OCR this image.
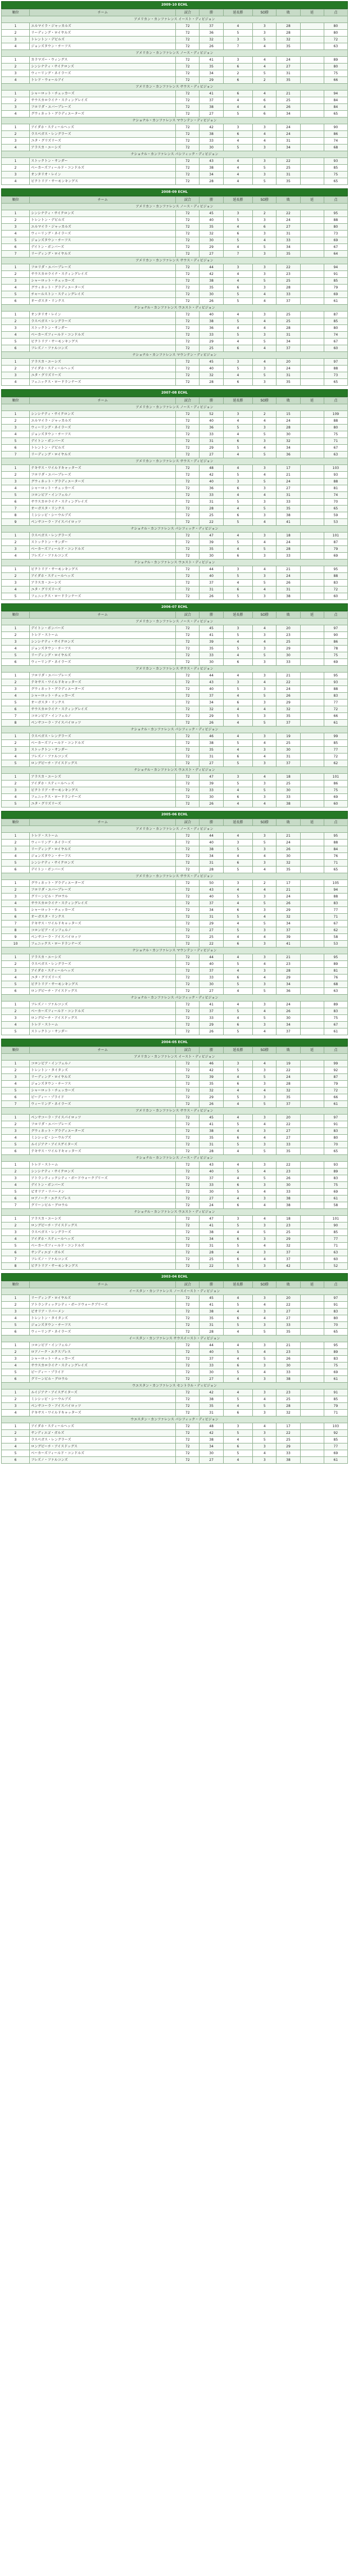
2009-10 ECHL
順位	チーム	試合	勝	延長勝	SO勝	敗	延	点
アメリカン・カンファレンス イースト・ディビジョン								
1	エルマイラ・ジャッカルズ	72	37	4	3	28		80
2	リーディング・ロイヤルズ	72	36	5	3	28		80
3	トレントン・デビルズ	72	32	3	5	32		72
4	ジョンズタウン・チーフス	72	26	7	4	35		63
アメリカン・カンファレンス ノース・ディビジョン								
1	カラマズー・ウィングス	72	41	3	4	24		89
2	シンシナティ・サイクロンズ	72	35	6	4	27		80
3	ウィーリング・ネイラーズ	72	34	2	5	31		75
4	トレド・ウォールアイ	72	29	6	2	35		66
アメリカン・カンファレンス サウス・ディビジョン								
1	シャーロット・チェッカーズ	72	41	6	4	21		94
2	サウスカロライナ・スティングレイズ	72	37	4	6	25		84
3	フロリダ・エバーブレーズ	72	38	4	4	26		84
4	グウィネット・グラディエーターズ	72	27	5	6	34		65
ナショナル・カンファレンス マウンテン・ディビジョン								
1	アイダホ・スティールヘッズ	72	42	3	3	24		90
2	ラスベガス・レングラーズ	72	38	6	4	24		86
3	ユタ・グリズリーズ	72	33	4	4	31		74
4	アラスカ・エーシズ	72	30	5	3	34		68
ナショナル・カンファレンス パシフィック・ディビジョン								
1	ストックトン・サンダー	72	43	4	3	22		93
2	ベーカーズフィールド・コンドルズ	72	38	4	5	25		85
3	オンタリオ・レイン	72	34	4	3	31		75
4	ビクトリア・サーモンキングス	72	28	4	5	35		65
2008-09 ECHL
順位	チーム	試合	勝	延長勝	SO勝	敗	延	点
アメリカン・カンファレンス ノース・ディビジョン								
1	シンシナティ・サイクロンズ	72	45	3	2	22		95
2	トレントン・デビルズ	72	40	5	3	24		88
3	エルマイラ・ジャッカルズ	72	35	4	6	27		80
4	ウィーリング・ネイラーズ	72	32	6	3	31		73
5	ジョンズタウン・チーフス	72	30	5	4	33		69
6	デイトン・ボンバーズ	72	29	4	5	34		67
7	リーディング・ロイヤルズ	72	27	7	3	35		64
アメリカン・カンファレンス サウス・ディビジョン								
1	フロリダ・エバーブレーズ	72	44	3	3	22		94
2	サウスカロライナ・スティングレイズ	72	42	4	3	23		91
3	シャーロット・チェッカーズ	72	38	4	5	25		85
4	グウィネット・グラディエーターズ	72	35	6	3	28		79
5	チャールストン・スティングレイズ	72	30	5	4	33		69
6	オーガスタ・リンクス	72	26	5	4	37		61
ナショナル・カンファレンス ウエスト・ディビジョン								
1	オンタリオ・レイン	72	40	4	3	25		87
2	ラスベガス・レングラーズ	72	38	5	4	25		85
3	ストックトン・サンダー	72	36	4	4	28		80
4	ベーカーズフィールド・コンドルズ	72	33	5	3	31		74
5	ビクトリア・サーモンキングス	72	29	4	5	34		67
6	フレズノ・ファルコンズ	72	25	6	4	37		60
ナショナル・カンファレンス マウンテン・ディビジョン								
1	アラスカ・エーシズ	72	45	3	4	20		97
2	アイダホ・スティールヘッズ	72	40	5	3	24		88
3	ユタ・グリズリーズ	72	32	4	5	31		73
4	フェニックス・ロードランナーズ	72	28	6	3	35		65
2007-08 ECHL
順位	チーム	試合	勝	延長勝	SO勝	敗	延	点
アメリカン・カンファレンス ノース・ディビジョン								
1	シンシナティ・サイクロンズ	72	52	3	2	15		109
2	エルマイラ・ジャッカルズ	72	40	4	4	24		88
3	ウィーリング・ネイラーズ	72	36	5	3	28		80
4	ジョンズタウン・チーフス	72	33	4	5	30		75
5	デイトン・ボンバーズ	72	31	6	3	32		71
6	トレントン・デビルズ	72	29	5	4	34		67
7	リーディング・ロイヤルズ	72	27	4	5	36		63
アメリカン・カンファレンス サウス・ディビジョン								
1	テキサス・ワイルドキャッターズ	72	48	4	3	17		103
2	フロリダ・エバーブレーズ	72	42	5	4	21		93
3	グウィネット・グラディエーターズ	72	40	3	5	24		88
4	シャーロット・チェッカーズ	72	36	6	3	27		81
5	コロンビア・インフェルノ	72	33	4	4	31		74
6	サウスカロライナ・スティングレイズ	72	31	5	3	33		70
7	オーガスタ・リンクス	72	28	4	5	35		65
8	ミシシッピ・シーウルブズ	72	25	6	3	38		59
9	ペンサコーラ・アイスパイロッツ	72	22	5	4	41		53
ナショナル・カンファレンス パシフィック・ディビジョン								
1	ラスベガス・レングラーズ	72	47	4	3	18		101
2	ストックトン・サンダー	72	39	5	4	24		87
3	ベーカーズフィールド・コンドルズ	72	35	4	5	28		79
4	フレズノ・ファルコンズ	72	30	6	3	33		69
ナショナル・カンファレンス ウエスト・ディビジョン								
1	ビクトリア・サーモンキングス	72	44	3	4	21		95
2	アイダホ・スティールヘッズ	72	40	5	3	24		88
3	アラスカ・エーシズ	72	37	4	5	26		83
4	ユタ・グリズリーズ	72	31	6	4	31		72
5	フェニックス・ロードランナーズ	72	26	5	3	38		60
2006-07 ECHL
順位	チーム	試合	勝	延長勝	SO勝	敗	延	点
アメリカン・カンファレンス ノース・ディビジョン								
1	デイトン・ボンバーズ	72	45	3	4	20		97
2	トレド・ストーム	72	41	5	3	23		90
3	シンシナティ・サイクロンズ	72	39	4	4	25		86
4	ジョンズタウン・チーフス	72	35	5	3	29		78
5	リーディング・ロイヤルズ	72	33	4	5	30		75
6	ウィーリング・ネイラーズ	72	30	6	3	33		69
アメリカン・カンファレンス サウス・ディビジョン								
1	フロリダ・エバーブレーズ	72	44	4	3	21		95
2	テキサス・ワイルドキャッターズ	72	43	3	4	22		93
3	グウィネット・グラディエーターズ	72	40	5	3	24		88
4	シャーロット・チェッカーズ	72	37	4	5	26		83
5	オーガスタ・リンクス	72	34	6	3	29		77
6	サウスカロライナ・スティングレイズ	72	32	4	4	32		72
7	コロンビア・インフェルノ	72	29	5	3	35		66
8	ペンサコーラ・アイスパイロッツ	72	26	4	5	37		61
ナショナル・カンファレンス パシフィック・ディビジョン								
1	ラスベガス・レングラーズ	72	46	4	3	19		99
2	ベーカーズフィールド・コンドルズ	72	38	5	4	25		85
3	ストックトン・サンダー	72	35	4	3	30		77
4	フレズノ・ファルコンズ	72	31	6	4	31		72
5	ロングビーチ・アイスドッグス	72	27	5	3	37		62
ナショナル・カンファレンス ウエスト・ディビジョン								
1	アラスカ・エーシズ	72	47	3	4	18		101
2	アイダホ・スティールヘッズ	72	39	5	3	25		86
3	ビクトリア・サーモンキングス	72	33	4	5	30		75
4	フェニックス・ロードランナーズ	72	30	6	3	33		69
5	ユタ・グリズリーズ	72	26	4	4	38		60
2005-06 ECHL
順位	チーム	試合	勝	延長勝	SO勝	敗	延	点
アメリカン・カンファレンス ノース・ディビジョン								
1	トレド・ストーム	72	44	4	3	21		95
2	ウィーリング・ネイラーズ	72	40	3	5	24		88
3	リーディング・ロイヤルズ	72	38	5	3	26		84
4	ジョンズタウン・チーフス	72	34	4	4	30		76
5	シンシナティ・サイクロンズ	72	31	6	3	32		71
6	デイトン・ボンバーズ	72	28	5	4	35		65
アメリカン・カンファレンス サウス・ディビジョン								
1	グウィネット・グラディエーターズ	72	50	3	2	17		105
2	フロリダ・エバーブレーズ	72	43	4	4	21		94
3	グリーンビル・グロウル	72	40	5	3	24		88
4	サウスカロライナ・スティングレイズ	72	37	4	5	26		83
5	シャーロット・チェッカーズ	72	34	6	3	29		77
6	オーガスタ・リンクス	72	31	5	4	32		71
7	テキサス・ワイルドキャッターズ	72	29	4	5	34		67
8	コロンビア・インフェルノ	72	27	5	3	37		62
9	ペンサコーラ・アイスパイロッツ	72	25	4	4	39		58
10	フェニックス・ロードランナーズ	72	22	6	3	41		53
ナショナル・カンファレンス マウンテン・ディビジョン								
1	アラスカ・エーシズ	72	44	4	3	21		95
2	ラスベガス・レングラーズ	72	40	5	4	23		89
3	アイダホ・スティールヘッズ	72	37	4	3	28		81
4	ユタ・グリズリーズ	72	33	6	4	29		76
5	ビクトリア・サーモンキングス	72	30	5	3	34		68
6	ロングビーチ・アイスドッグス	72	27	4	5	36		63
ナショナル・カンファレンス パシフィック・ディビジョン								
1	フレズノ・ファルコンズ	72	41	4	3	24		89
2	ベーカーズフィールド・コンドルズ	72	37	5	4	26		83
3	ロングビーチ・アイスドッグス	72	33	4	5	30		75
4	トレド・ストーム	72	29	6	3	34		67
5	ストックトン・サンダー	72	26	5	4	37		61
2004-05 ECHL
順位	チーム	試合	勝	延長勝	SO勝	敗	延	点
アメリカン・カンファレンス イースト・ディビジョン								
1	コロンビア・インフェルノ	72	46	3	4	19		99
2	トレントン・タイタンズ	72	42	5	3	22		92
3	リーディング・ロイヤルズ	72	39	4	5	24		87
4	ジョンズタウン・チーフス	72	35	6	3	28		79
5	シャーロット・チェッカーズ	72	32	4	4	32		72
6	ピーディー・プライド	72	29	5	3	35		66
7	ウィーリング・ネイラーズ	72	26	4	5	37		61
アメリカン・カンファレンス サウス・ディビジョン								
1	ペンサコーラ・アイスパイロッツ	72	45	4	3	20		97
2	フロリダ・エバーブレーズ	72	41	5	4	22		91
3	グウィネット・グラディエーターズ	72	38	4	3	27		83
4	ミシシッピ・シーウルブズ	72	35	6	4	27		80
5	ルイジアナ・アイスゲイターズ	72	31	5	3	33		70
6	テキサス・ワイルドキャッターズ	72	28	4	5	35		65
ナショナル・カンファレンス ノース・ディビジョン								
1	トレド・ストーム	72	43	4	3	22		93
2	シンシナティ・サイクロンズ	72	40	5	4	23		89
3	アトランティックシティ・ボードウォークブリーズ	72	37	4	5	26		83
4	デイトン・ボンバーズ	72	33	6	3	30		75
5	ピオリア・リバーメン	72	30	5	4	33		69
6	ロアノーク・エクスプレス	72	27	4	3	38		61
7	グリーンビル・グロウル	72	24	6	4	38		58
ナショナル・カンファレンス ウエスト・ディビジョン								
1	アラスカ・エーシズ	72	47	3	4	18		101
2	ロングビーチ・アイスドッグス	72	41	5	3	23		90
3	ラスベガス・レングラーズ	72	38	4	5	25		85
4	アイダホ・スティールヘッズ	72	34	6	3	29		77
5	ベーカーズフィールド・コンドルズ	72	31	5	4	32		71
6	サンディエゴ・ガルズ	72	28	4	3	37		63
7	フレズノ・ファルコンズ	72	25	6	4	37		60
8	ビクトリア・サーモンキングス	72	22	5	3	42		52
2003-04 ECHL
順位	チーム	試合	勝	延長勝	SO勝	敗	延	点
イースタン・カンファレンス ノースイースト・ディビジョン								
1	リーディング・ロイヤルズ	72	45	4	3	20		97
2	アトランティックシティ・ボードウォークブリーズ	72	41	5	4	22		91
3	ピオリア・リバーメン	72	38	4	3	27		83
4	トレントン・タイタンズ	72	35	6	4	27		80
5	ジョンズタウン・チーフス	72	31	5	3	33		70
6	ウィーリング・ネイラーズ	72	28	4	5	35		65
イースタン・カンファレンス サウスイースト・ディビジョン								
1	コロンビア・インフェルノ	72	44	4	3	21		95
2	ロアノーク・エクスプレス	72	40	5	4	23		89
3	シャーロット・チェッカーズ	72	37	4	5	26		83
4	サウスカロライナ・スティングレイズ	72	33	6	3	30		75
5	ピーディー・プライド	72	30	5	4	33		69
6	グリーンビル・グロウル	72	27	4	3	38		61
ウエスタン・カンファレンス セントラル・ディビジョン								
1	ルイジアナ・アイスゲイターズ	72	42	4	3	23		91
2	ミシシッピ・シーウルブズ	72	38	5	4	25		85
3	ペンサコーラ・アイスパイロッツ	72	35	4	5	28		79
4	テキサス・ワイルドキャッターズ	72	31	6	3	32		71
ウエスタン・カンファレンス パシフィック・ディビジョン								
1	アイダホ・スティールヘッズ	72	48	3	4	17		103
2	サンディエゴ・ガルズ	72	42	5	3	22		92
3	ラスベガス・レングラーズ	72	38	4	5	25		85
4	ロングビーチ・アイスドッグス	72	34	6	3	29		77
5	ベーカーズフィールド・コンドルズ	72	30	5	4	33		69
6	フレズノ・ファルコンズ	72	27	4	3	38		61
